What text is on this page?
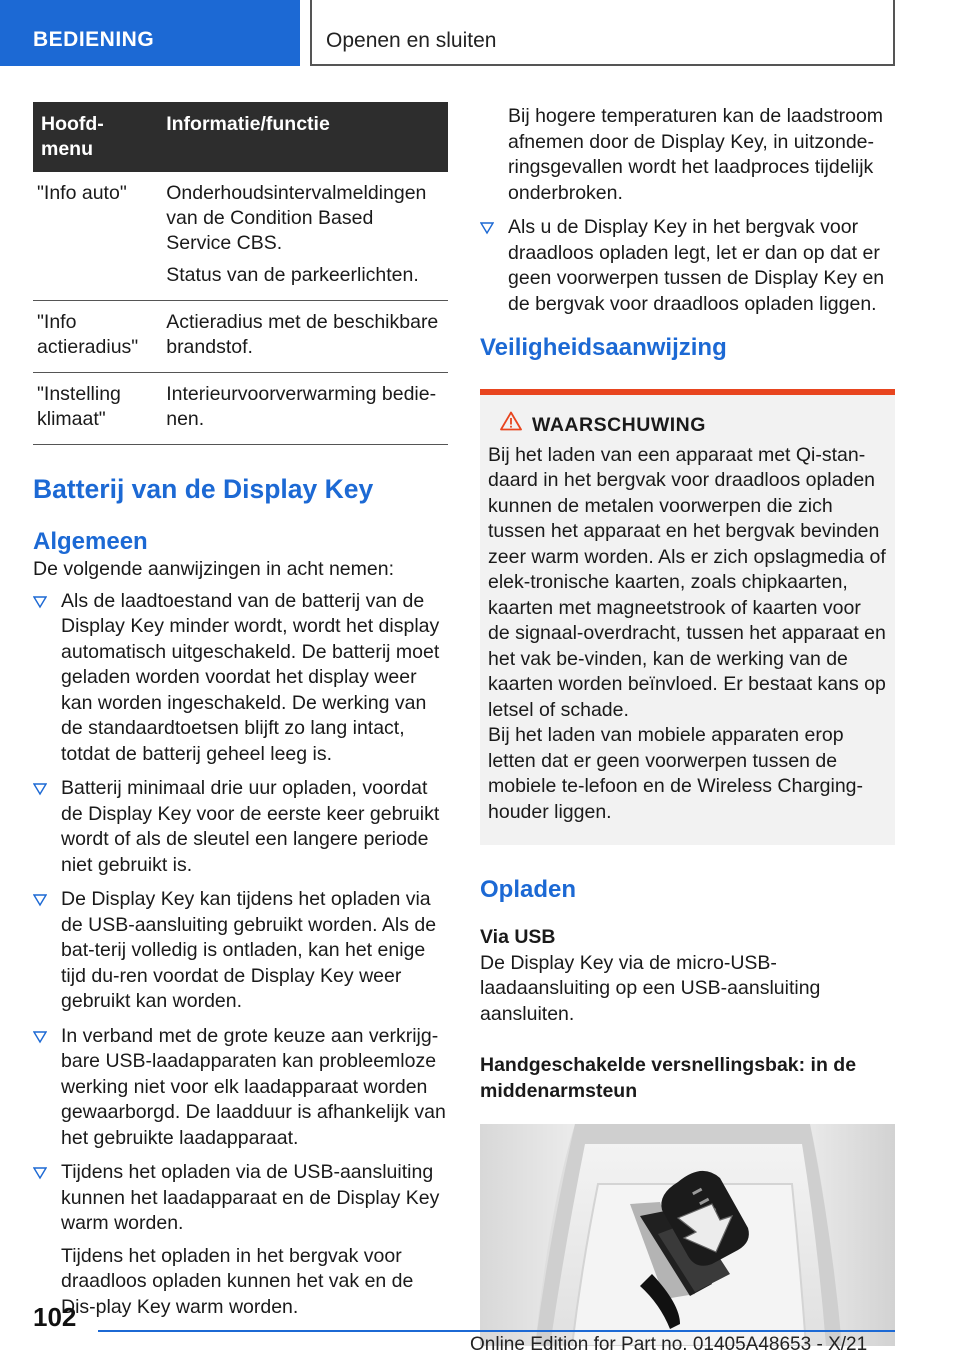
BEDIENING	Openen en sluiten
Hoofd-
menu	Informatie/functie
"Info auto"	Onderhoudsintervalmeldingen van de Condition Based Service CBS.

Status van de parkeerlichten.

"Info actieradius"	Actieradius met de beschikbare brandstof.

"Instelling klimaat"	Interieurvoorverwarming bedie-nen.

Batterij van de Display Key
Algemeen

De volgende aanwijzingen in acht nemen:

Als de laadtoestand van de batterij van de Display Key minder wordt, wordt het display automatisch uitgeschakeld. De batterij moet geladen worden voordat het display weer kan worden ingeschakeld. De werking van de standaardtoetsen blijft zo lang intact, totdat de batterij geheel leeg is.

Batterij minimaal drie uur opladen, voordat de Display Key voor de eerste keer gebruikt wordt of als de sleutel een langere periode niet gebruikt is.

De Display Key kan tijdens het opladen via de USB-aansluiting gebruikt worden. Als de bat-terij volledig is ontladen, kan het enige tijd du-ren voordat de Display Key weer gebruikt kan worden.

In verband met de grote keuze aan verkrijg-bare USB-laadapparaten kan probleemloze werking niet voor elk laadapparaat worden gewaarborgd. De laadduur is afhankelijk van het gebruikte laadapparaat.

Tijdens het opladen via de USB-aansluiting kunnen het laadapparaat en de Display Key warm worden.

Tijdens het opladen in het bergvak voor draadloos opladen kunnen het vak en de Dis-play Key warm worden.

Bij hogere temperaturen kan de laadstroom afnemen door de Display Key, in uitzonde-ringsgevallen wordt het laadproces tijdelijk onderbroken.

Als u de Display Key in het bergvak voor draadloos opladen legt, let er dan op dat er geen voorwerpen tussen de Display Key en de bergvak voor draadloos opladen liggen.

Veiligheidsaanwijzing
WAARSCHUWING

Bij het laden van een apparaat met Qi-stan-daard in het bergvak voor draadloos opladen kunnen de metalen voorwerpen die zich tussen het apparaat en het bergvak bevinden zeer warm worden. Als er zich opslagmedia of elek-tronische kaarten, zoals chipkaarten, kaarten met magneetstrook of kaarten voor de signaal-overdracht, tussen het apparaat en het vak be-vinden, kan de werking van de kaarten worden beïnvloed. Er bestaat kans op letsel of schade.

Bij het laden van mobiele apparaten erop letten dat er geen voorwerpen tussen de mobiele te-lefoon en de Wireless Charging-houder liggen.

Opladen
Via USB

De Display Key via de micro-USB-laadaansluiting op een USB-aansluiting aansluiten.

Handgeschakelde versnellingsbak: in de middenarmsteun
102
Online Edition for Part no. 01405A48653 - X/21
